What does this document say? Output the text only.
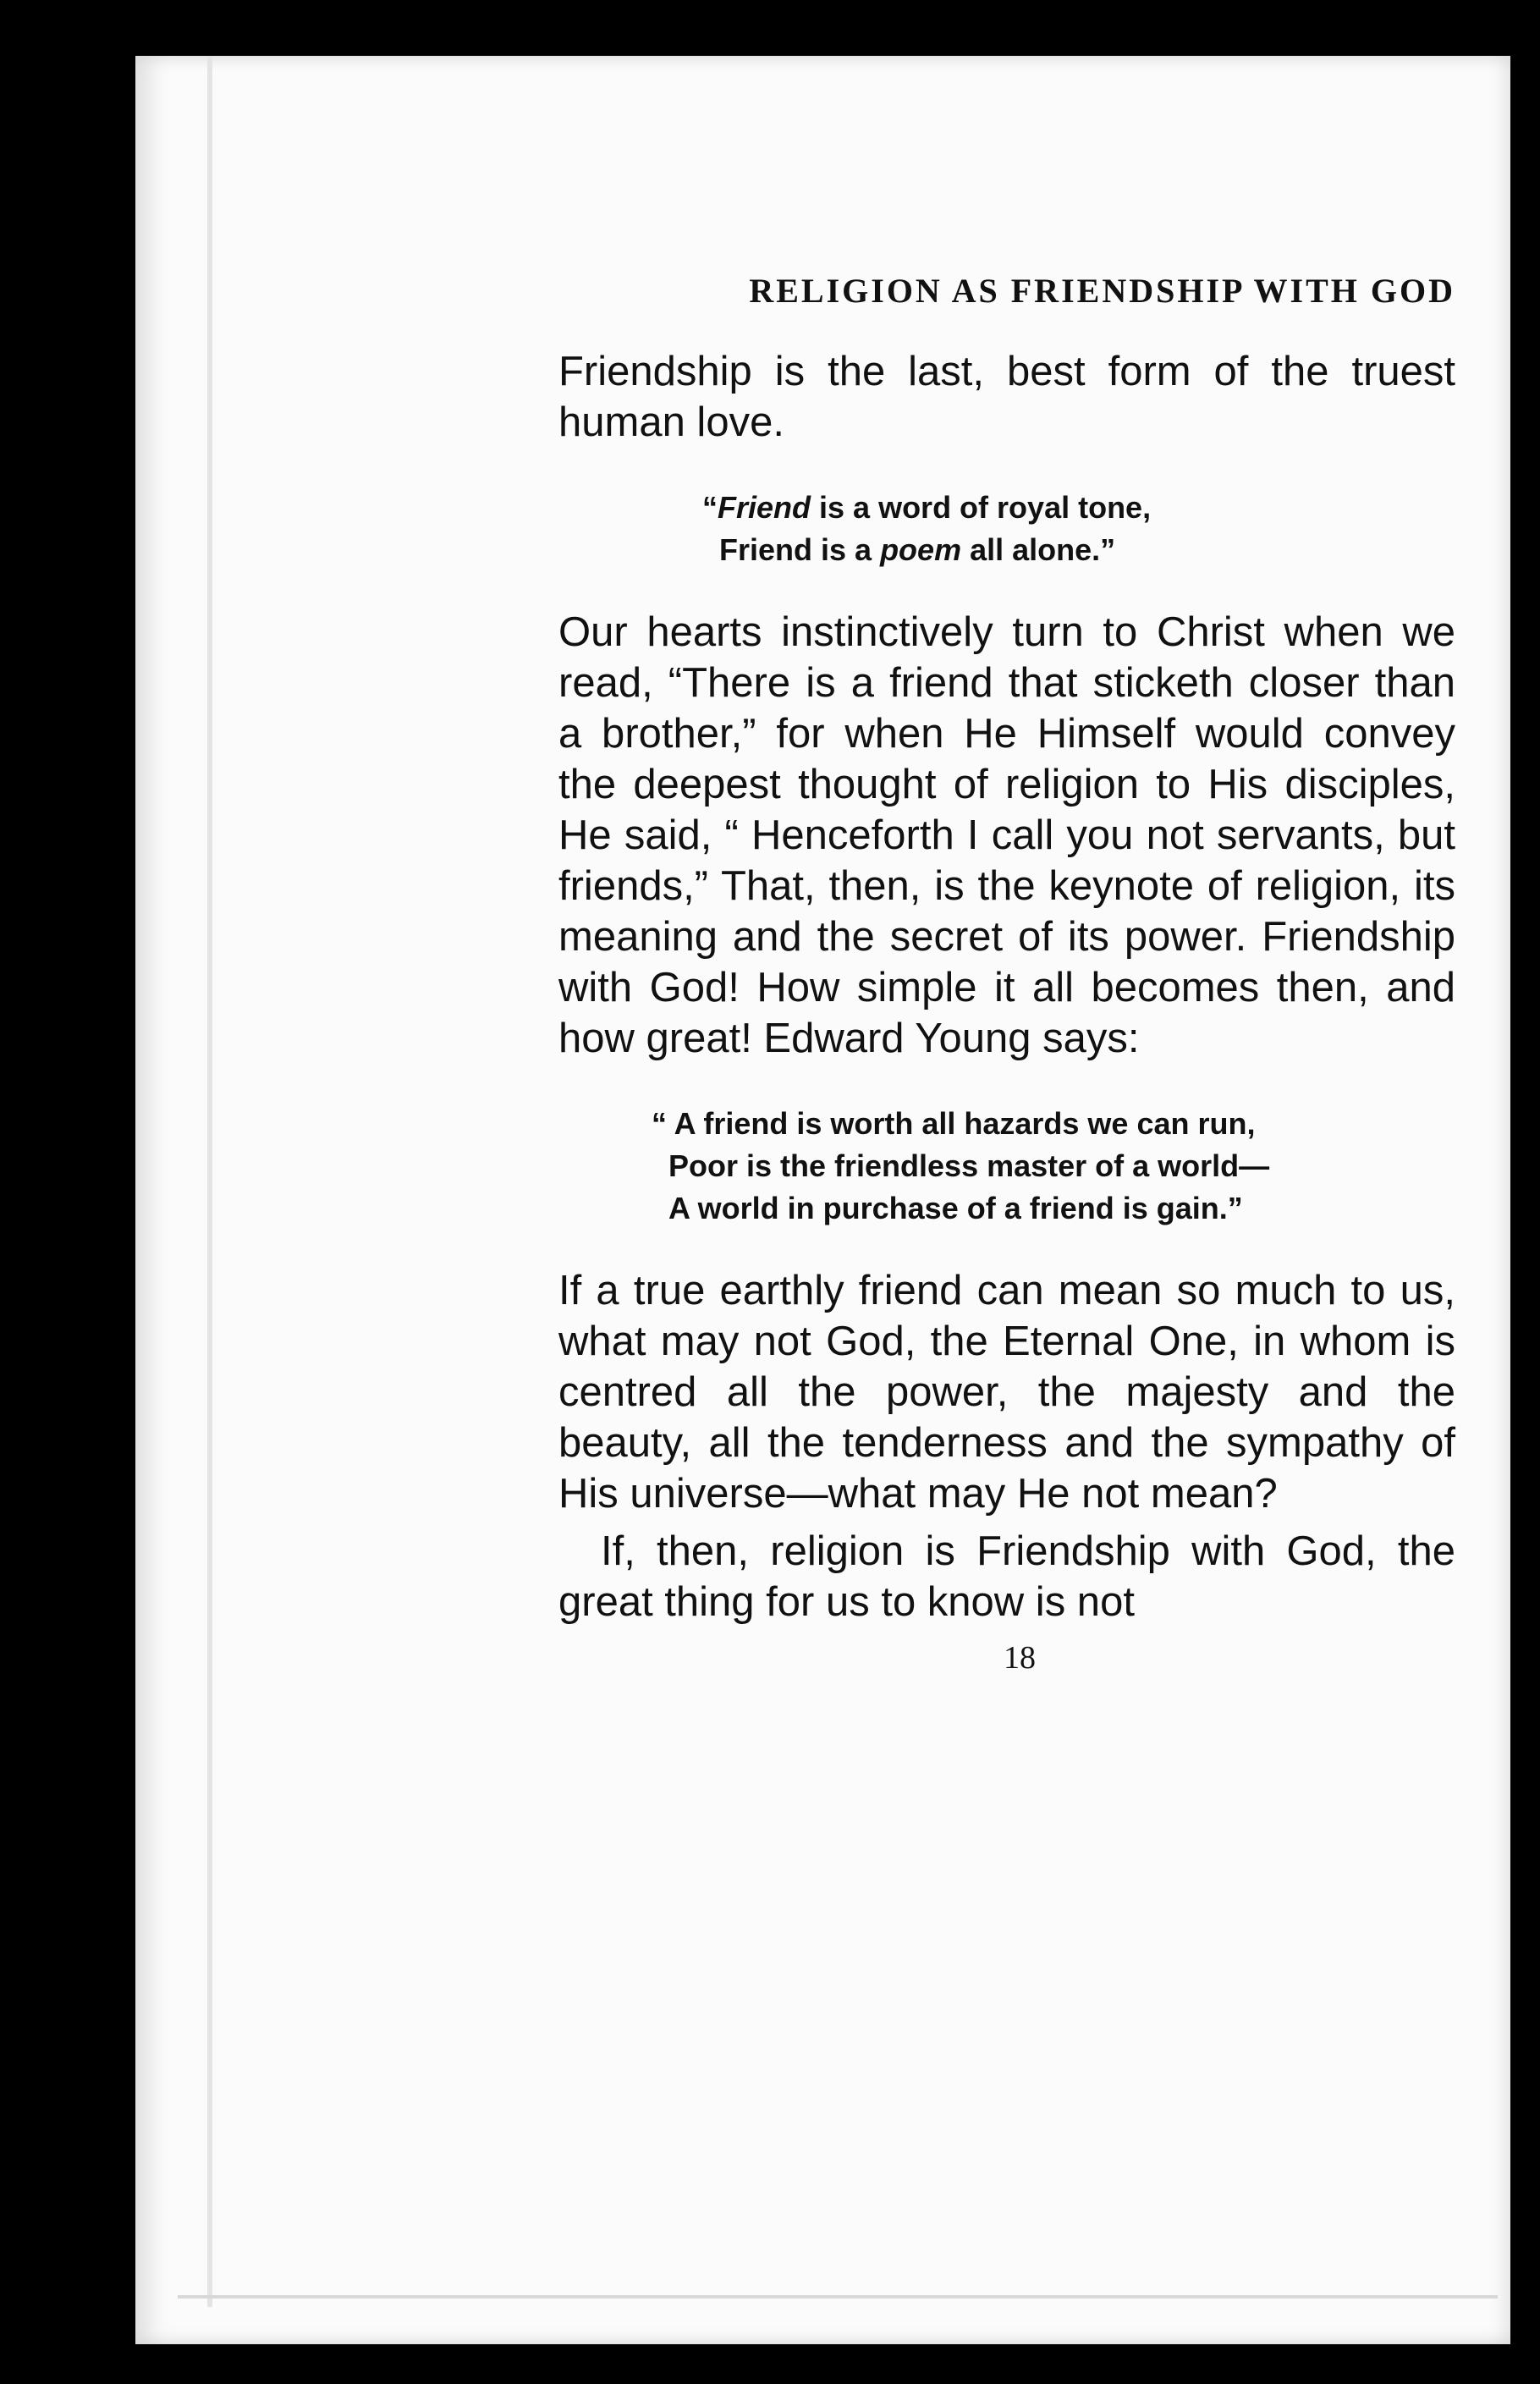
RELIGION AS FRIENDSHIP WITH GOD

Friendship is the last, best form of the truest human love.

“Friend is a word of royal tone,
Friend is a poem all alone.”

Our hearts instinctively turn to Christ when we read, “There is a friend that sticketh closer than a brother,” for when He Himself would convey the deepest thought of religion to His disciples, He said, “ Henceforth I call you not servants, but friends,” That, then, is the keynote of religion, its meaning and the secret of its power. Friendship with God! How simple it all becomes then, and how great! Edward Young says:

“ A friend is worth all hazards we can run,
Poor is the friendless master of a world—
A world in purchase of a friend is gain.”

If a true earthly friend can mean so much to us, what may not God, the Eternal One, in whom is centred all the power, the majesty and the beauty, all the tenderness and the sympathy of His universe—what may He not mean?

If, then, religion is Friendship with God, the great thing for us to know is not

18
